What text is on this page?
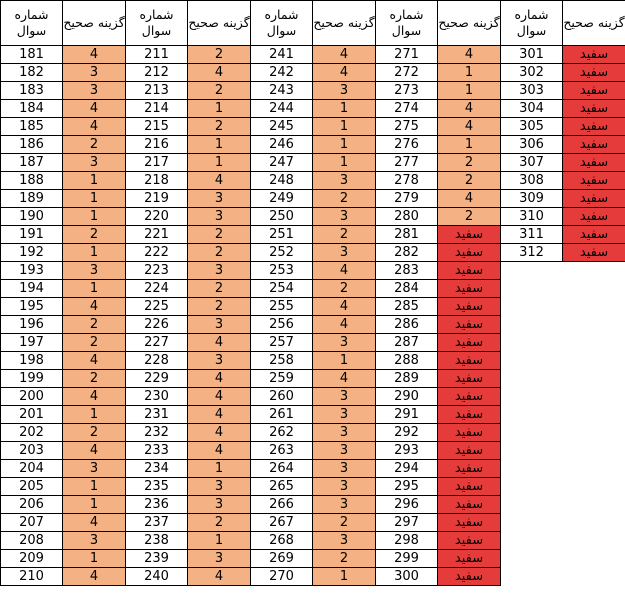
شماره سوال	گزینه صحیح	شماره سوال	گزینه صحیح	شماره سوال	گزینه صحیح	شماره سوال	گزینه صحیح	شماره سوال	گزینه صحیح
181	4	211	2	241	4	271	4	301	سفید
182	3	212	4	242	4	272	1	302	سفید
183	3	213	2	243	3	273	1	303	سفید
184	4	214	1	244	1	274	4	304	سفید
185	4	215	2	245	1	275	4	305	سفید
186	2	216	1	246	1	276	1	306	سفید
187	3	217	1	247	1	277	2	307	سفید
188	1	218	4	248	3	278	2	308	سفید
189	1	219	3	249	2	279	4	309	سفید
190	1	220	3	250	3	280	2	310	سفید
191	2	221	2	251	2	281	سفید	311	سفید
192	1	222	2	252	3	282	سفید	312	سفید
193	3	223	3	253	4	283	سفید		
194	1	224	2	254	2	284	سفید		
195	4	225	2	255	4	285	سفید		
196	2	226	3	256	4	286	سفید		
197	2	227	4	257	3	287	سفید		
198	4	228	3	258	1	288	سفید		
199	2	229	4	259	4	289	سفید		
200	4	230	4	260	3	290	سفید		
201	1	231	4	261	3	291	سفید		
202	2	232	4	262	3	292	سفید		
203	4	233	4	263	3	293	سفید		
204	3	234	1	264	3	294	سفید		
205	1	235	3	265	3	295	سفید		
206	1	236	3	266	3	296	سفید		
207	4	237	2	267	2	297	سفید		
208	3	238	1	268	3	298	سفید		
209	1	239	3	269	2	299	سفید		
210	4	240	4	270	1	300	سفید		
